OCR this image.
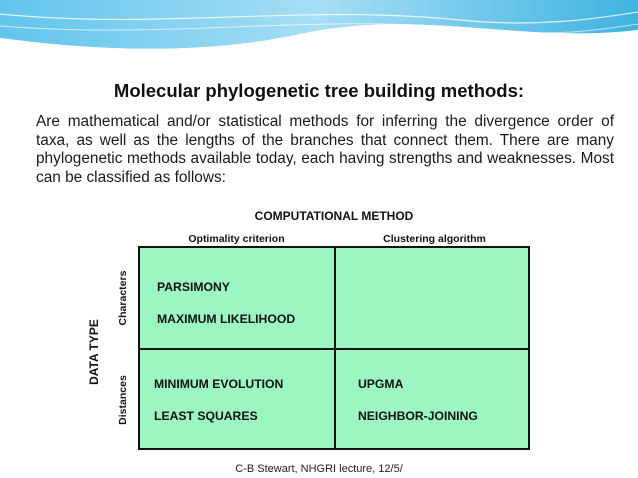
Molecular phylogenetic tree building methods:
Are mathematical and/or statistical methods for inferring the divergence order of taxa, as well as the lengths of the branches that connect them. There are many phylogenetic methods available today, each having strengths and weaknesses. Most can be classified as follows:
COMPUTATIONAL METHOD
Optimality criterion	Clustering algorithm
DATA TYPE
Characters
Distances
PARSIMONY
MAXIMUM LIKELIHOOD
MINIMUM EVOLUTION
LEAST SQUARES
UPGMA
NEIGHBOR-JOINING
C-B Stewart, NHGRI lecture, 12/5/
